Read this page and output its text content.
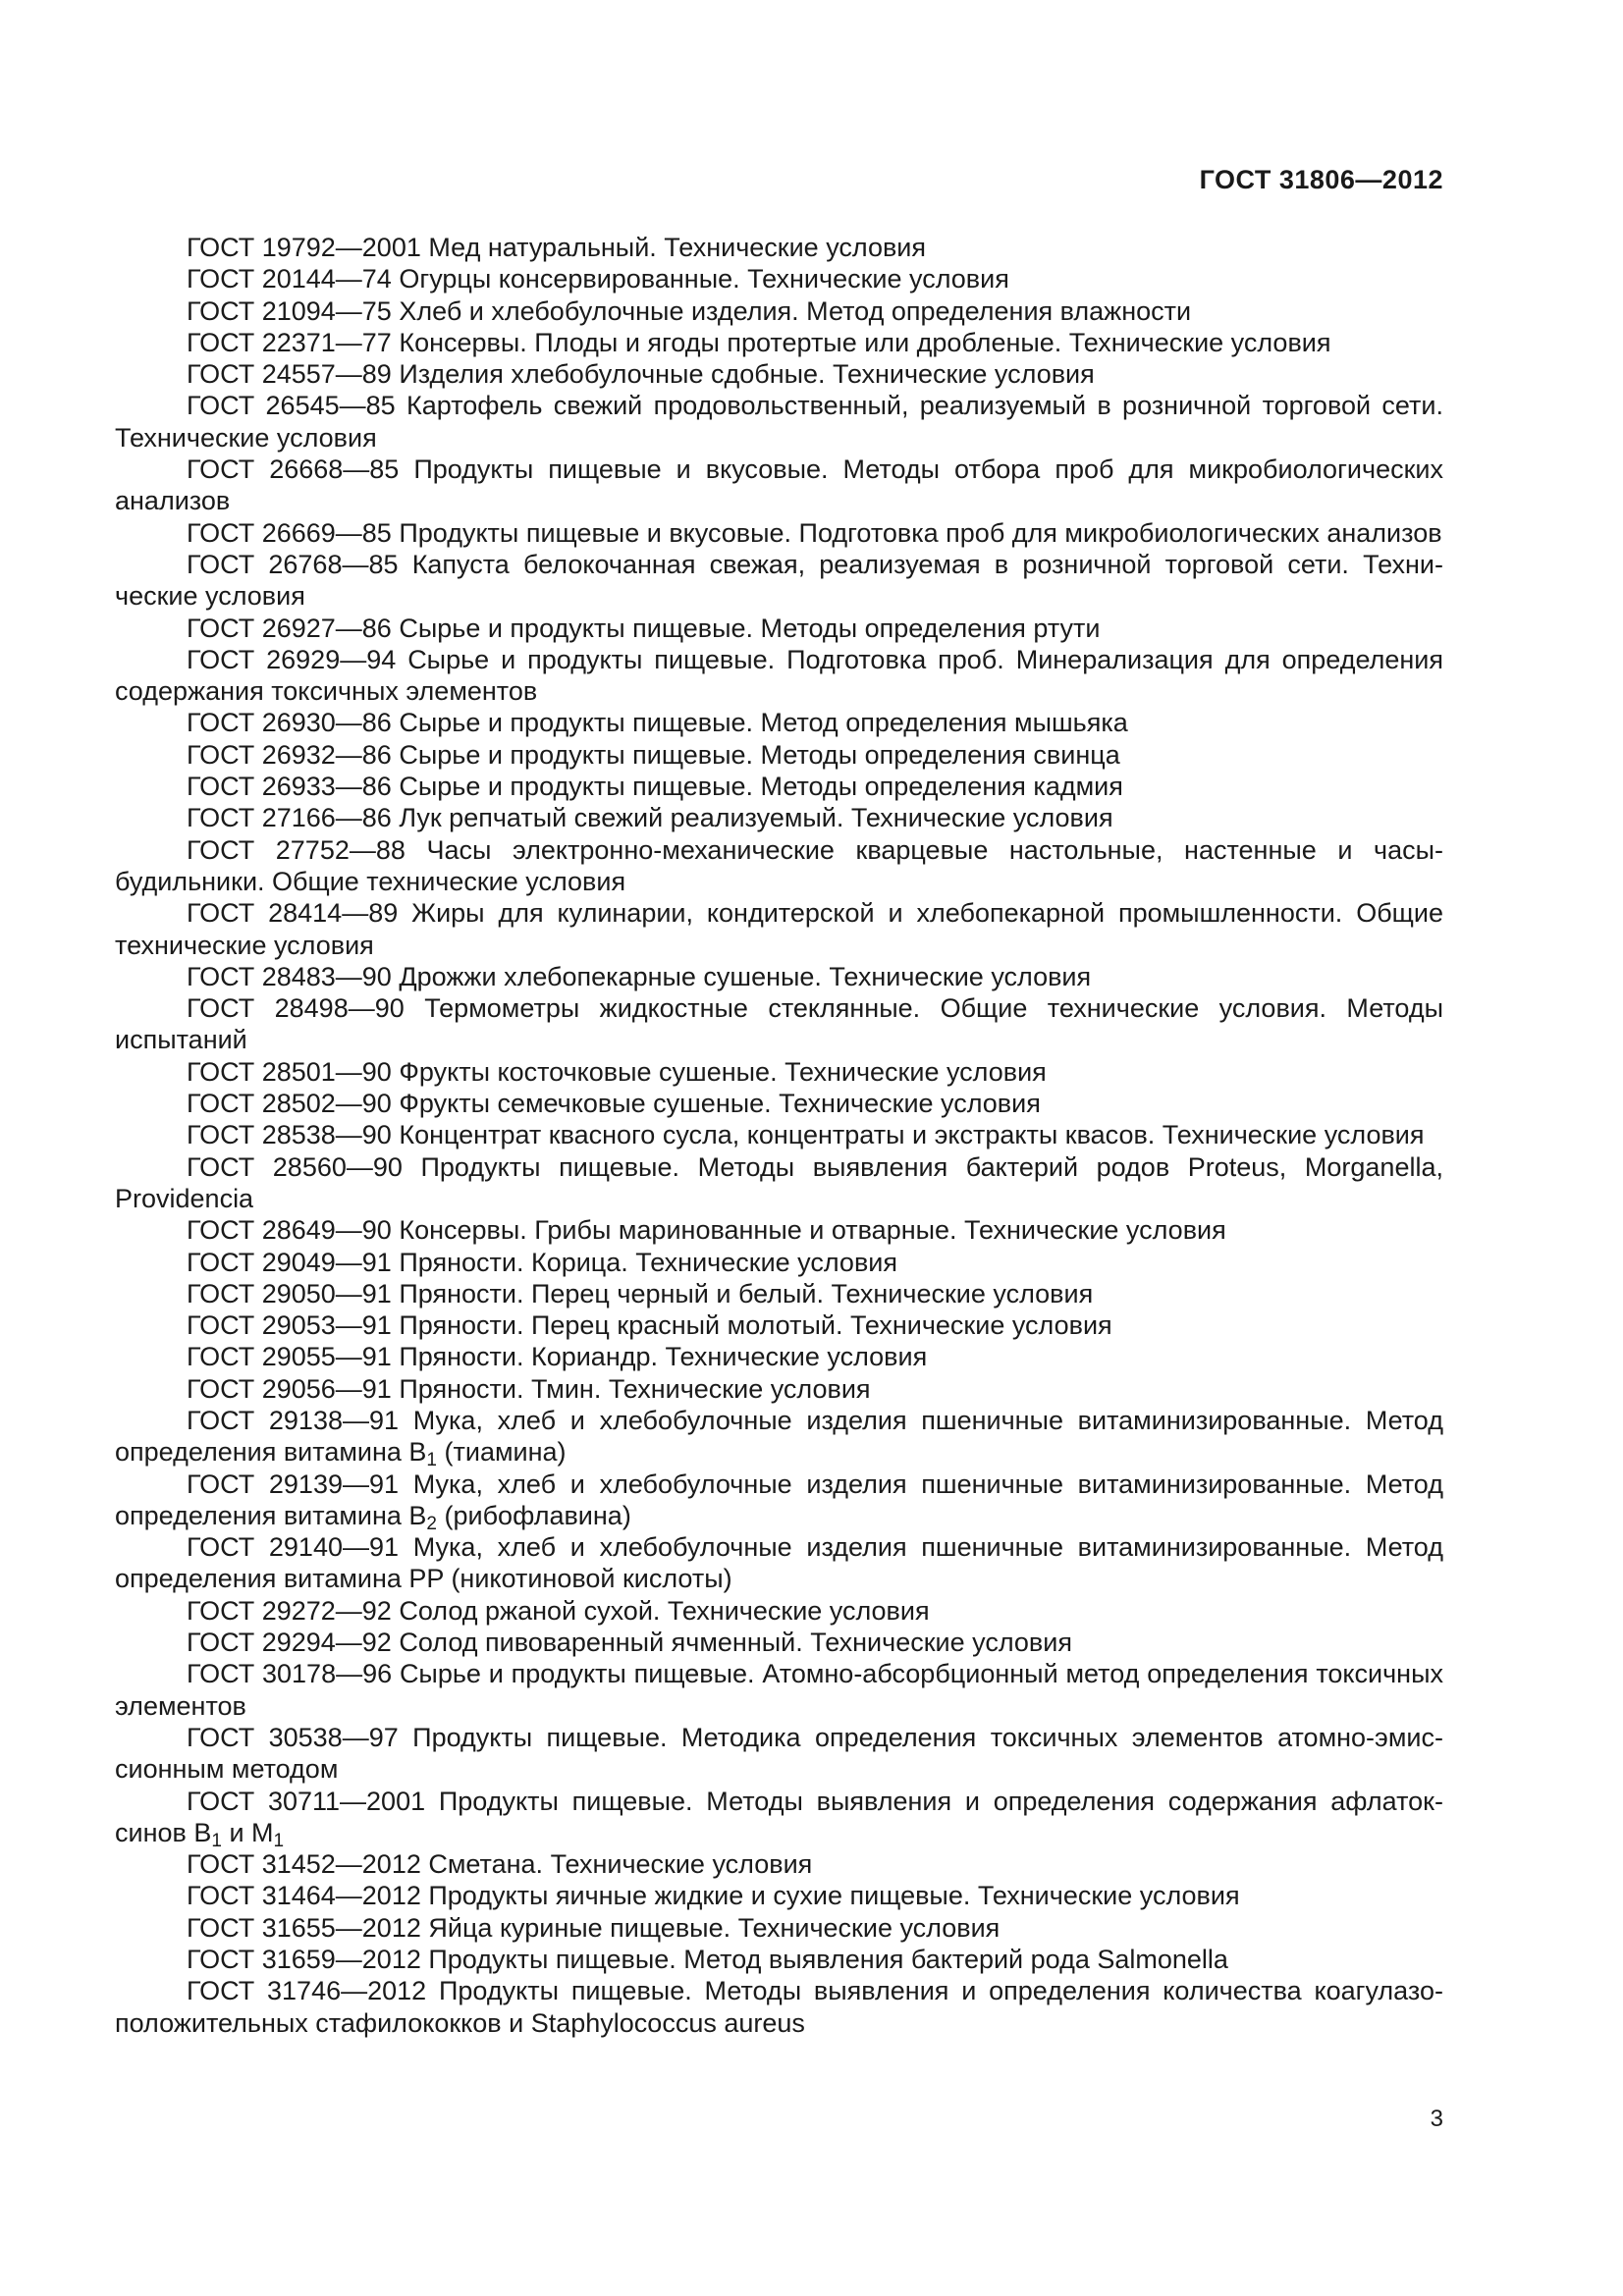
ГОСТ 31806—2012
ГОСТ 19792—2001 Мед натуральный. Технические условия
ГОСТ 20144—74 Огурцы консервированные. Технические условия
ГОСТ 21094—75 Хлеб и хлебобулочные изделия. Метод определения влажности
ГОСТ 22371—77 Консервы. Плоды и ягоды протертые или дробленые. Технические условия
ГОСТ 24557—89 Изделия хлебобулочные сдобные. Технические условия
ГОСТ 26545—85 Картофель свежий продовольственный, реализуемый в розничной торговой сети. Технические условия
ГОСТ 26668—85 Продукты пищевые и вкусовые. Методы отбора проб для микробиологических анализов
ГОСТ 26669—85 Продукты пищевые и вкусовые. Подготовка проб для микробиологических анализов
ГОСТ 26768—85 Капуста белокочанная свежая, реализуемая в розничной торговой сети. Технические условия
ГОСТ 26927—86 Сырье и продукты пищевые. Методы определения ртути
ГОСТ 26929—94 Сырье и продукты пищевые. Подготовка проб. Минерализация для определения содержания токсичных элементов
ГОСТ 26930—86 Сырье и продукты пищевые. Метод определения мышьяка
ГОСТ 26932—86 Сырье и продукты пищевые. Методы определения свинца
ГОСТ 26933—86 Сырье и продукты пищевые. Методы определения кадмия
ГОСТ 27166—86 Лук репчатый свежий реализуемый. Технические условия
ГОСТ 27752—88 Часы электронно-механические кварцевые настольные, настенные и часы-будильники. Общие технические условия
ГОСТ 28414—89 Жиры для кулинарии, кондитерской и хлебопекарной промышленности. Общие технические условия
ГОСТ 28483—90 Дрожжи хлебопекарные сушеные. Технические условия
ГОСТ 28498—90 Термометры жидкостные стеклянные. Общие технические условия. Методы испытаний
ГОСТ 28501—90 Фрукты косточковые сушеные. Технические условия
ГОСТ 28502—90 Фрукты семечковые сушеные. Технические условия
ГОСТ 28538—90 Концентрат квасного сусла, концентраты и экстракты квасов. Технические условия
ГОСТ 28560—90 Продукты пищевые. Методы выявления бактерий родов Proteus, Morganella, Providencia
ГОСТ 28649—90 Консервы. Грибы маринованные и отварные. Технические условия
ГОСТ 29049—91 Пряности. Корица. Технические условия
ГОСТ 29050—91 Пряности. Перец черный и белый. Технические условия
ГОСТ 29053—91 Пряности. Перец красный молотый. Технические условия
ГОСТ 29055—91 Пряности. Кориандр. Технические условия
ГОСТ 29056—91 Пряности. Тмин. Технические условия
ГОСТ 29138—91 Мука, хлеб и хлебобулочные изделия пшеничные витаминизированные. Метод определения витамина $B_1$ (тиамина)
ГОСТ 29139—91 Мука, хлеб и хлебобулочные изделия пшеничные витаминизированные. Метод определения витамина $B_2$ (рибофлавина)
ГОСТ 29140—91 Мука, хлеб и хлебобулочные изделия пшеничные витаминизированные. Метод определения витамина PP (никотиновой кислоты)
ГОСТ 29272—92 Солод ржаной сухой. Технические условия
ГОСТ 29294—92 Солод пивоваренный ячменный. Технические условия
ГОСТ 30178—96 Сырье и продукты пищевые. Атомно-абсорбционный метод определения токсичных элементов
ГОСТ 30538—97 Продукты пищевые. Методика определения токсичных элементов атомно-эмиссионным методом
ГОСТ 30711—2001 Продукты пищевые. Методы выявления и определения содержания афлатоксинов $B_1$ и $M_1$
ГОСТ 31452—2012 Сметана. Технические условия
ГОСТ 31464—2012 Продукты яичные жидкие и сухие пищевые. Технические условия
ГОСТ 31655—2012 Яйца куриные пищевые. Технические условия
ГОСТ 31659—2012 Продукты пищевые. Метод выявления бактерий рода Salmonella
ГОСТ 31746—2012 Продукты пищевые. Методы выявления и определения количества коагулазоположительных стафилококков и Staphylococcus aureus
3
